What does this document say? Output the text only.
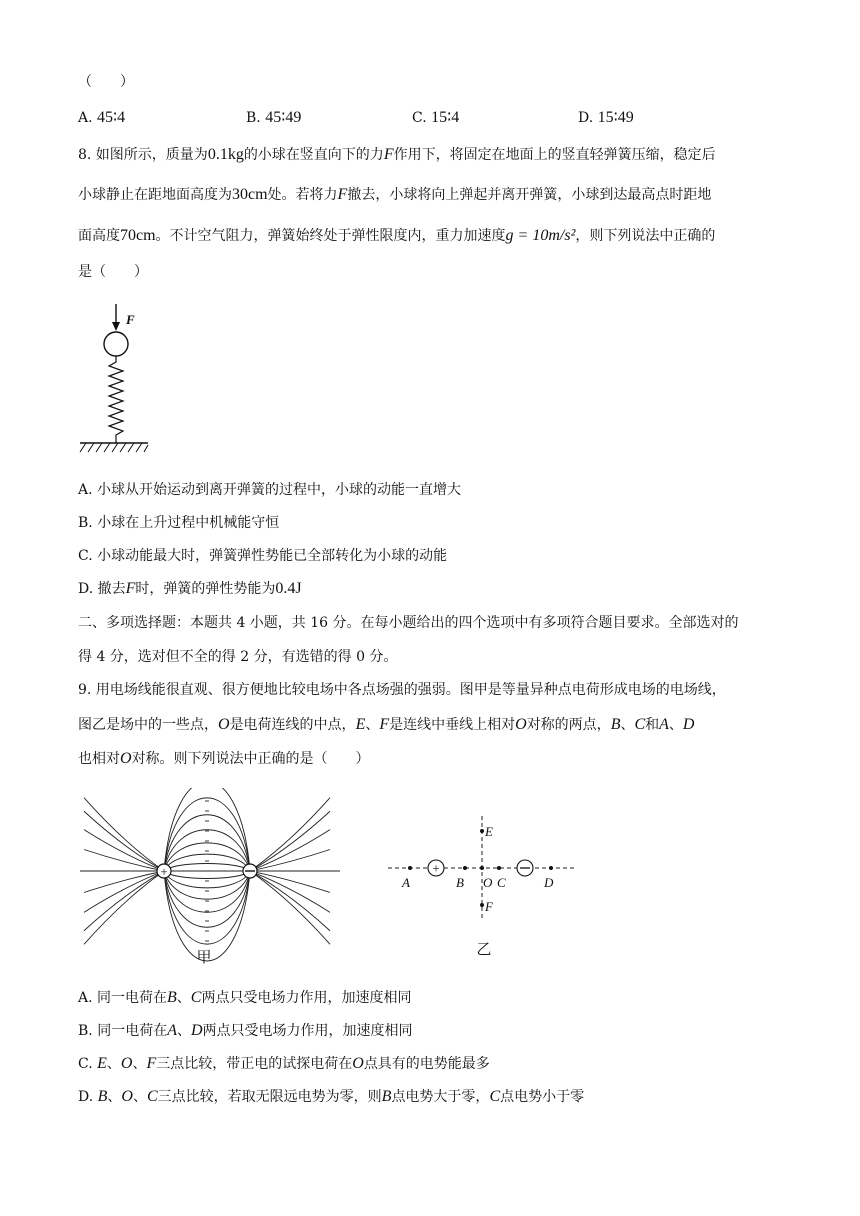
（　　）
A. 45∶4	B. 45∶49	C. 15∶4	D. 15∶49
8. 如图所示，质量为0.1kg的小球在竖直向下的力F作用下，将固定在地面上的竖直轻弹簧压缩，稳定后
小球静止在距地面高度为30cm处。若将力F撤去，小球将向上弹起并离开弹簧，小球到达最高点时距地
面高度70cm。不计空气阻力，弹簧始终处于弹性限度内，重力加速度g = 10m/s²，则下列说法中正确的
是（　　）
F
A. 小球从开始运动到离开弹簧的过程中，小球的动能一直增大
B. 小球在上升过程中机械能守恒
C. 小球动能最大时，弹簧弹性势能已全部转化为小球的动能
D. 撤去F时，弹簧的弹性势能为0.4J
二、多项选择题：本题共 4 小题，共 16 分。在每小题给出的四个选项中有多项符合题目要求。全部选对的
得 4 分，选对但不全的得 2 分，有选错的得 0 分。
9. 用电场线能很直观、很方便地比较电场中各点场强的强弱。图甲是等量异种点电荷形成电场的电场线，
图乙是场中的一些点，O是电荷连线的中点，E、F是连线中垂线上相对O对称的两点，B、C和A、D
也相对O对称。则下列说法中正确的是（　　）
+
甲
+
A	B O C	D
E
F
乙
A. 同一电荷在B、C两点只受电场力作用，加速度相同
B. 同一电荷在A、D两点只受电场力作用，加速度相同
C. E、O、F三点比较，带正电的试探电荷在O点具有的电势能最多
D. B、O、C三点比较，若取无限远电势为零，则B点电势大于零，C点电势小于零
